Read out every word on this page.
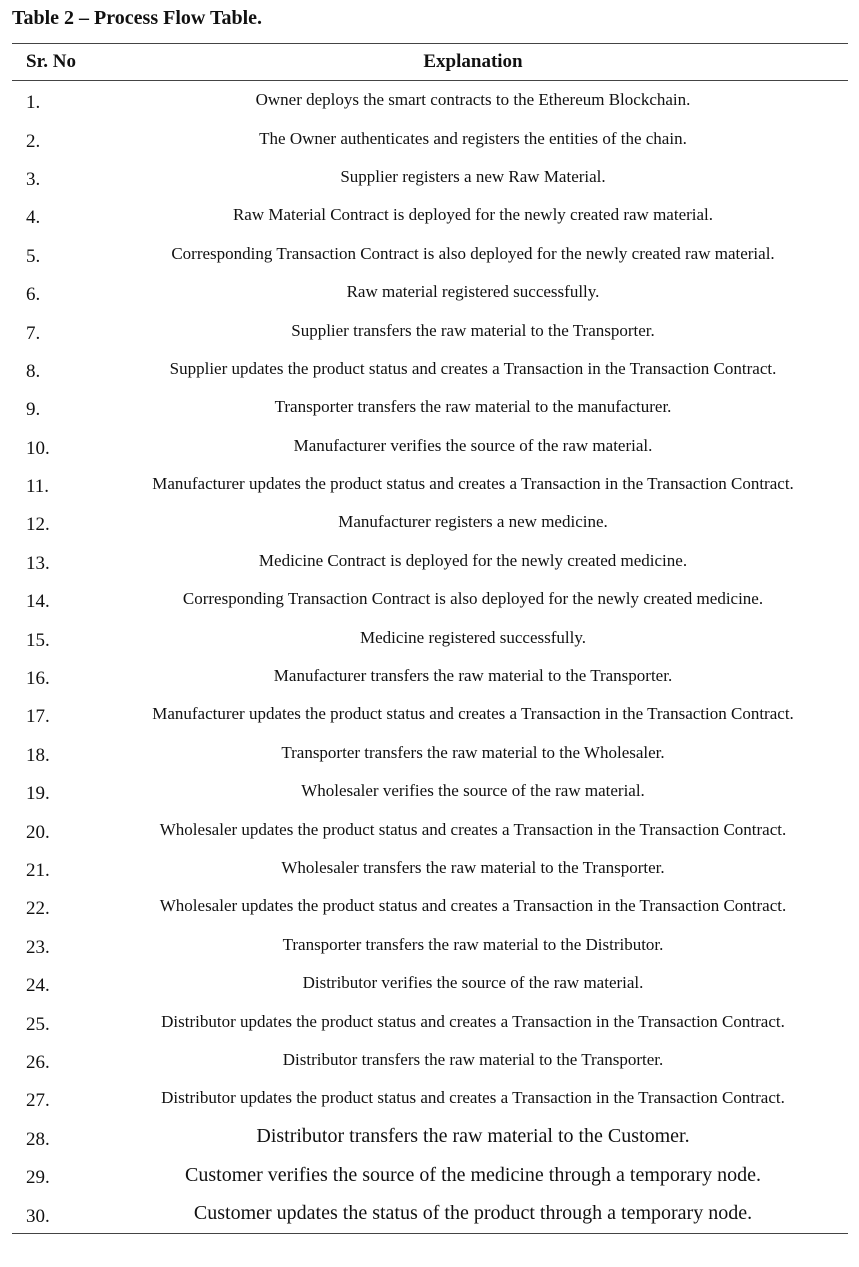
Table 2 – Process Flow Table.
Sr. No	Explanation
1.	Owner deploys the smart contracts to the Ethereum Blockchain.
2.	The Owner authenticates and registers the entities of the chain.
3.	Supplier registers a new Raw Material.
4.	Raw Material Contract is deployed for the newly created raw material.
5.	Corresponding Transaction Contract is also deployed for the newly created raw material.
6.	Raw material registered successfully.
7.	Supplier transfers the raw material to the Transporter.
8.	Supplier updates the product status and creates a Transaction in the Transaction Contract.
9.	Transporter transfers the raw material to the manufacturer.
10.	Manufacturer verifies the source of the raw material.
11.	Manufacturer updates the product status and creates a Transaction in the Transaction Contract.
12.	Manufacturer registers a new medicine.
13.	Medicine Contract is deployed for the newly created medicine.
14.	Corresponding Transaction Contract is also deployed for the newly created medicine.
15.	Medicine registered successfully.
16.	Manufacturer transfers the raw material to the Transporter.
17.	Manufacturer updates the product status and creates a Transaction in the Transaction Contract.
18.	Transporter transfers the raw material to the Wholesaler.
19.	Wholesaler verifies the source of the raw material.
20.	Wholesaler updates the product status and creates a Transaction in the Transaction Contract.
21.	Wholesaler transfers the raw material to the Transporter.
22.	Wholesaler updates the product status and creates a Transaction in the Transaction Contract.
23.	Transporter transfers the raw material to the Distributor.
24.	Distributor verifies the source of the raw material.
25.	Distributor updates the product status and creates a Transaction in the Transaction Contract.
26.	Distributor transfers the raw material to the Transporter.
27.	Distributor updates the product status and creates a Transaction in the Transaction Contract.
28.	Distributor transfers the raw material to the Customer.
29.	Customer verifies the source of the medicine through a temporary node.
30.	Customer updates the status of the product through a temporary node.
